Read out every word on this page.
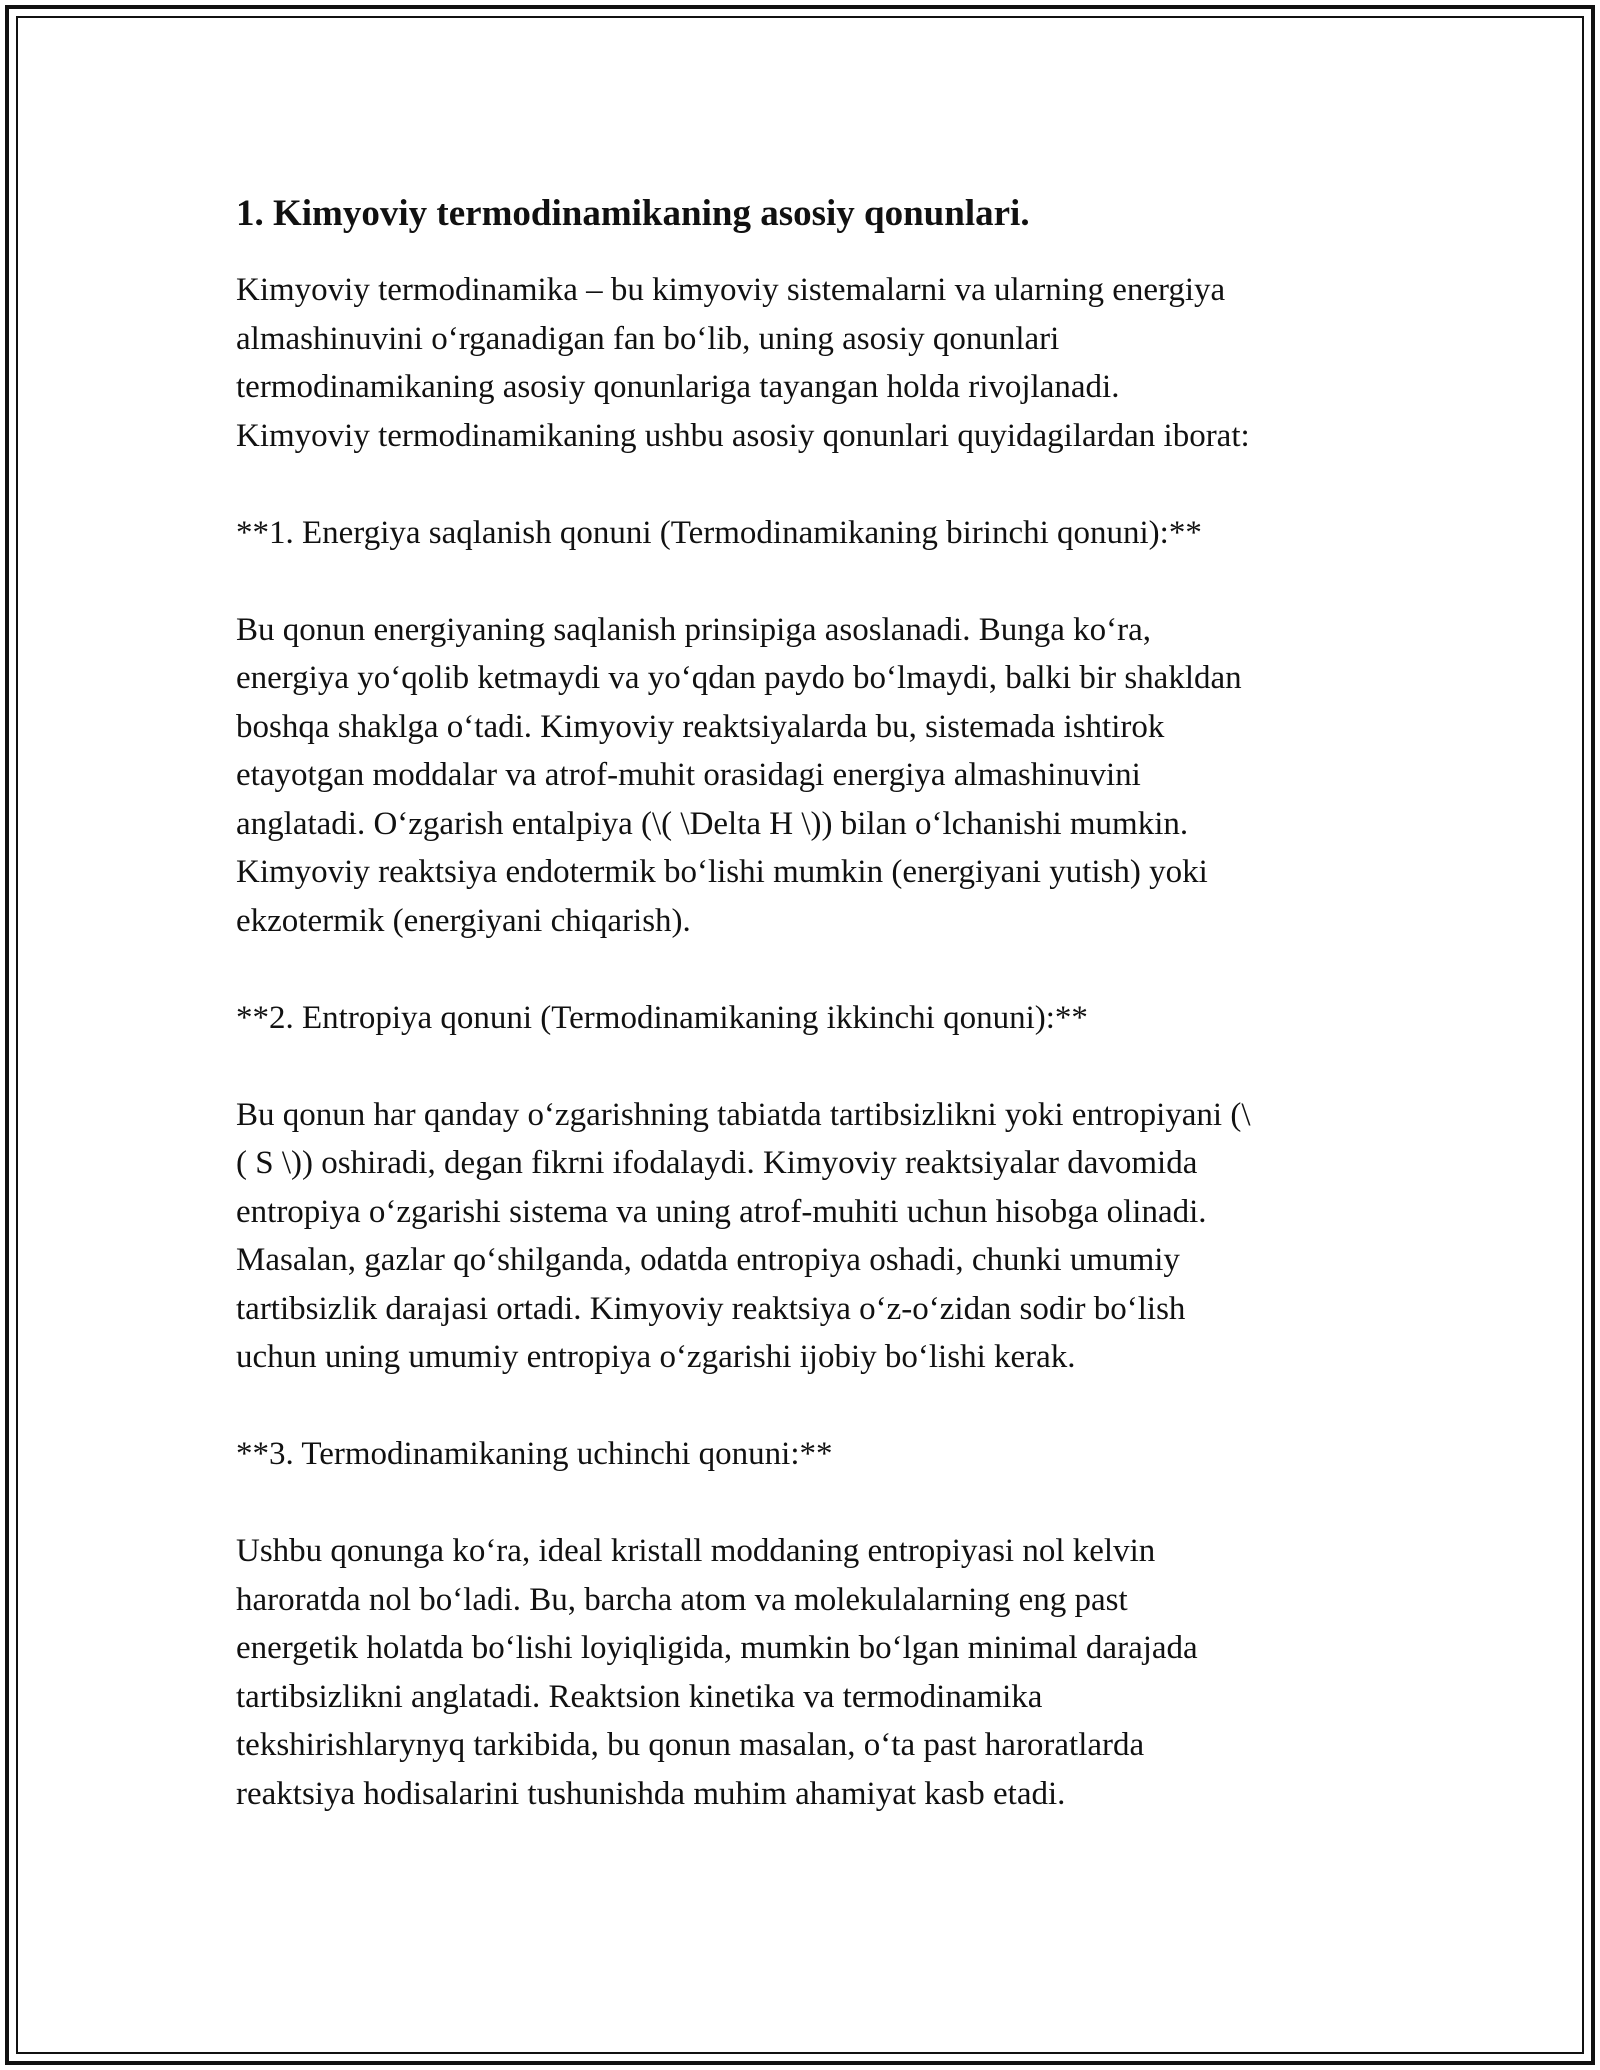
1. Kimyoviy termodinamikaning asosiy qonunlari.

Kimyoviy termodinamika – bu kimyoviy sistemalarni va ularning energiya
almashinuvini o‘rganadigan fan bo‘lib, uning asosiy qonunlari
termodinamikaning asosiy qonunlariga tayangan holda rivojlanadi.
Kimyoviy termodinamikaning ushbu asosiy qonunlari quyidagilardan iborat:

**1. Energiya saqlanish qonuni (Termodinamikaning birinchi qonuni):**

Bu qonun energiyaning saqlanish prinsipiga asoslanadi. Bunga ko‘ra,
energiya yo‘qolib ketmaydi va yo‘qdan paydo bo‘lmaydi, balki bir shakldan
boshqa shaklga o‘tadi. Kimyoviy reaktsiyalarda bu, sistemada ishtirok
etayotgan moddalar va atrof-muhit orasidagi energiya almashinuvini
anglatadi. O‘zgarish entalpiya (\( \Delta H \)) bilan o‘lchanishi mumkin.
Kimyoviy reaktsiya endotermik bo‘lishi mumkin (energiyani yutish) yoki
ekzotermik (energiyani chiqarish).

**2. Entropiya qonuni (Termodinamikaning ikkinchi qonuni):**

Bu qonun har qanday o‘zgarishning tabiatda tartibsizlikni yoki entropiyani (\
( S \)) oshiradi, degan fikrni ifodalaydi. Kimyoviy reaktsiyalar davomida
entropiya o‘zgarishi sistema va uning atrof-muhiti uchun hisobga olinadi.
Masalan, gazlar qo‘shilganda, odatda entropiya oshadi, chunki umumiy
tartibsizlik darajasi ortadi. Kimyoviy reaktsiya o‘z-o‘zidan sodir bo‘lish
uchun uning umumiy entropiya o‘zgarishi ijobiy bo‘lishi kerak.

**3. Termodinamikaning uchinchi qonuni:**

Ushbu qonunga ko‘ra, ideal kristall moddaning entropiyasi nol kelvin
haroratda nol bo‘ladi. Bu, barcha atom va molekulalarning eng past
energetik holatda bo‘lishi loyiqligida, mumkin bo‘lgan minimal darajada
tartibsizlikni anglatadi. Reaktsion kinetika va termodinamika
tekshirishlarynyq tarkibida, bu qonun masalan, o‘ta past haroratlarda
reaktsiya hodisalarini tushunishda muhim ahamiyat kasb etadi.
